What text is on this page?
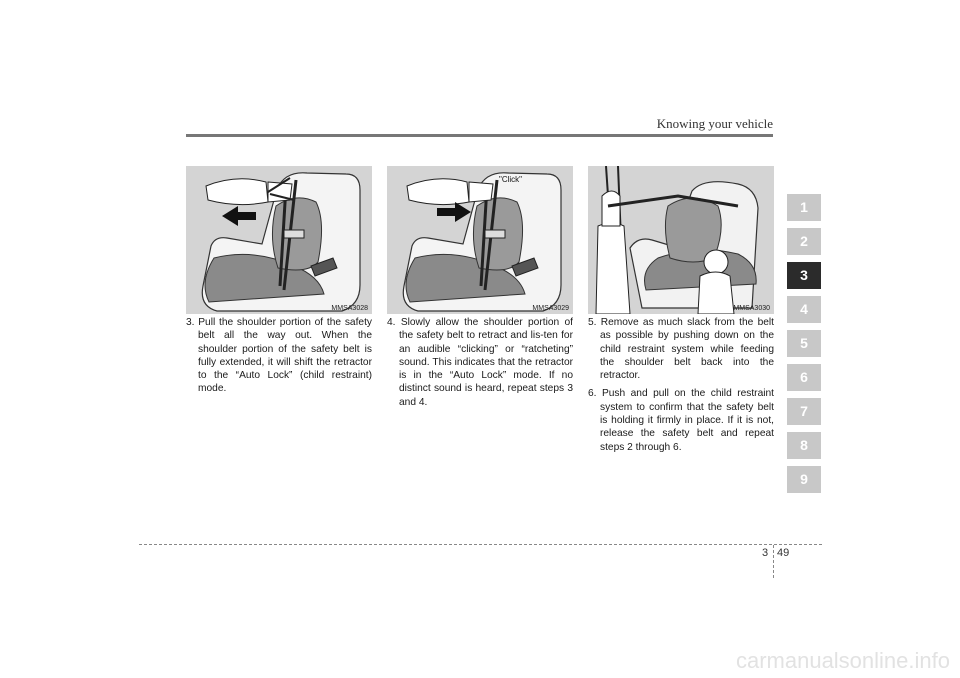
Knowing your vehicle
MMSA3028
"Click"
MMSA3029	MMSA3030

3. Pull the shoulder portion of the safety belt all the way out. When the shoulder portion of the safety belt is fully extended, it will shift the retractor to the “Auto Lock” (child restraint) mode.

4. Slowly allow the shoulder portion of the safety belt to retract and lis-ten for an audible “clicking” or “ratcheting” sound. This indicates that the retractor is in the “Auto Lock” mode. If no distinct sound is heard, repeat steps 3 and 4.

5. Remove as much slack from the belt as possible by pushing down on the child restraint system while feeding the shoulder belt back into the retractor.

6. Push and pull on the child restraint system to confirm that the safety belt is holding it firmly in place. If it is not, release the safety belt and repeat steps 2 through 6.

1
2
3
4
5
6
7
8
9
3 49
carmanualsonline.info
